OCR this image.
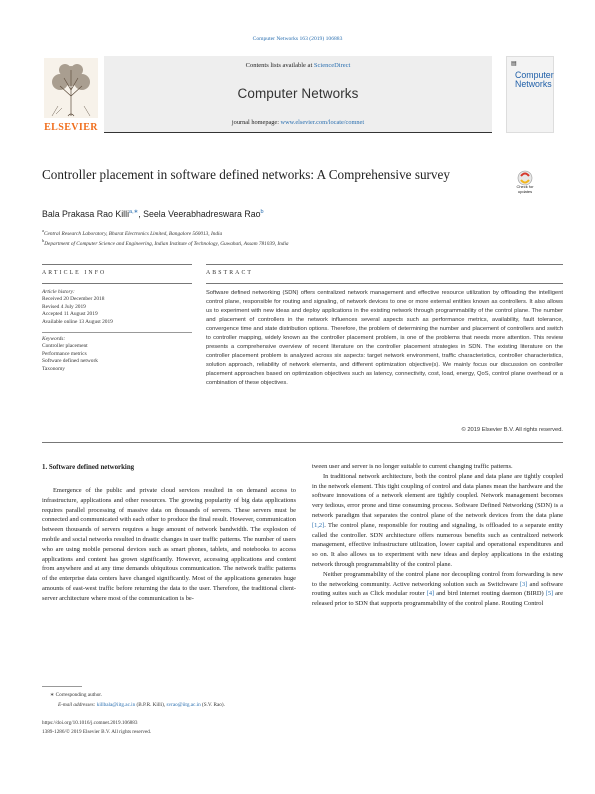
Computer Networks 163 (2019) 106883
ELSEVIER
Contents lists available at ScienceDirect
Computer Networks
journal homepage: www.elsevier.com/locate/comnet
▤
Computer Networks
Controller placement in software defined networks: A Comprehensive survey
Check for updates
Bala Prakasa Rao Killi$^{a,∗}$, Seela Veerabhadreswara Rao$^b$
$^a$Central Research Laboratory, Bharat Electronics Limited, Bangalore 560013, India
$^b$Department of Computer Science and Engineering, Indian Institute of Technology, Guwahati, Assam 781039, India
ARTICLE INFO	ABSTRACT
Article history:
Received 20 December 2018
Revised 4 July 2019
Accepted 11 August 2019
Available online 13 August 2019
Keywords:
Controller placement
Performance metrics
Software defined network
Taxonomy
Software defined networking (SDN) offers centralized network management and effective resource utilization by offloading the intelligent control plane, responsible for routing and signaling, of network devices to one or more external entities known as controllers. It also allows us to experiment with new ideas and deploy applications in the existing network through programmability of the control plane. The number and placement of controllers in the network influences several aspects such as performance metrics, availability, fault tolerance, convergence time and state distribution options. Therefore, the problem of determining the number and placement of controllers and switch to controller mapping, widely known as the controller placement problem, is one of the problems that needs more attention. This review presents a comprehensive overview of recent literature on the controller placement strategies in SDN. The existing literature on the controller placement problem is analyzed across six aspects: target network environment, traffic characteristics, controller characteristics, solution approach, reliability of network elements, and different optimization objective(s). We mainly focus our discussion on controller placement approaches based on optimization objectives such as latency, connectivity, cost, load, energy, QoS, control plane overhead or a combination of these objectives.
© 2019 Elsevier B.V. All rights reserved.
1. Software defined networking

Emergence of the public and private cloud services resulted in on demand access to infrastructure, applications and other resources. The growing popularity of big data applications requires parallel processing of massive data on thousands of servers. These servers must be connected and communicated with each other to produce the final result. However, communication between thousands of servers requires a huge amount of network bandwidth. The explosion of mobile and social networks resulted in drastic changes in user traffic patterns. The number of users who are using mobile personal devices such as smart phones, tablets, and notebooks to access applications and content has grown significantly. However, accessing applications and content from anywhere and at any time demands ubiquitous communication. The network traffic patterns of the enterprise data centers have changed significantly. Most of the applications generates huge amounts of east-west traffic before returning the data to the user. Therefore, the traditional client-server architecture where most of the communication is be-

tween user and server is no longer suitable to current changing traffic patterns.

In traditional network architecture, both the control plane and data plane are tightly coupled in the network element. This tight coupling of control and data planes mean the hardware and the software innovations of a network element are tightly coupled. Network management becomes very tedious, error prone and time consuming process. Software Defined Networking (SDN) is a network paradigm that separates the control plane of the network devices from the data plane [1,2]. The control plane, responsible for routing and signaling, is offloaded to a separate entity called the controller. SDN architecture offers numerous benefits such as centralized network management, effective infrastructure utilization, lower capital and operational expenditures and so on. It also allows us to experiment with new ideas and deploy applications in the existing network through programmability of the control plane.

Neither programmability of the control plane nor decoupling control from forwarding is new to the networking community. Active networking solution such as Switchware [3] and software routing suites such as Click modular router [4] and bird internet routing daemon (BIRD) [5] are released prior to SDN that supports programmability of the control plane. Routing Control

∗ Corresponding author.
E-mail addresses: killbala@iitg.ac.in (B.P.R. Killi), svrao@iitg.ac.in (S.V. Rao).
https://doi.org/10.1016/j.comnet.2019.106883
1389-1286/© 2019 Elsevier B.V. All rights reserved.
